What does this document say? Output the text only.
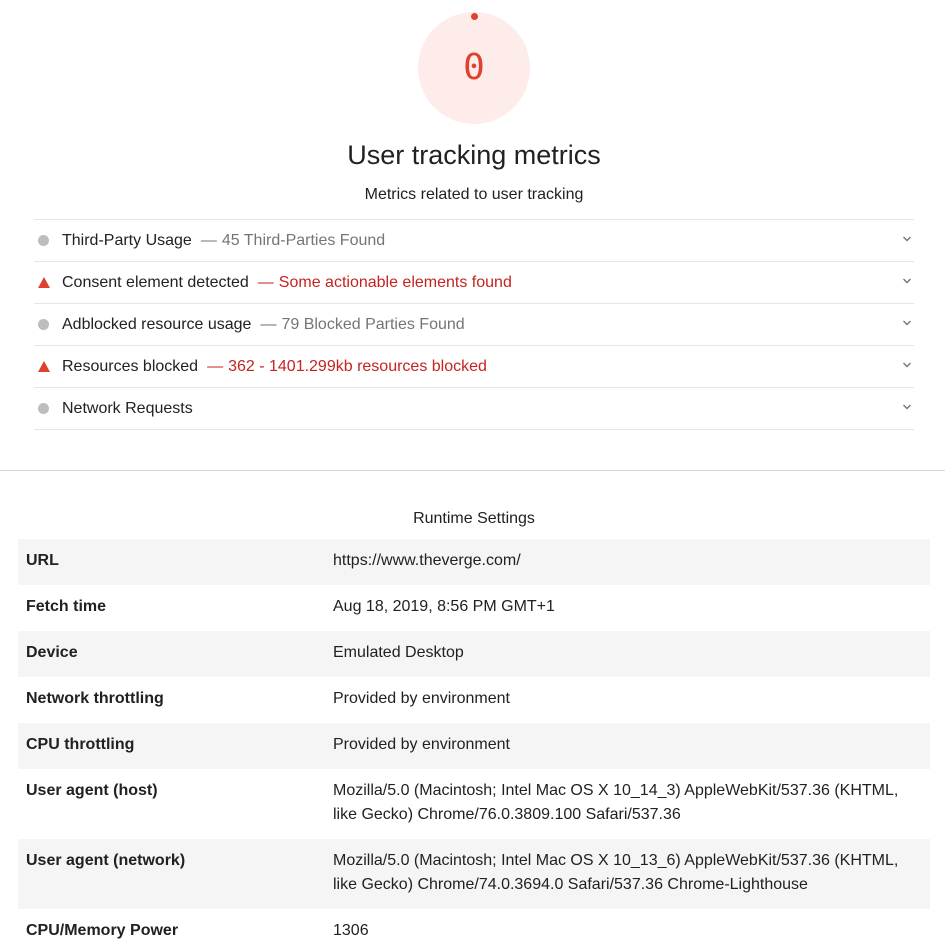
0
User tracking metrics
Metrics related to user tracking
Third-Party Usage — 45 Third-Parties Found
Consent element detected — Some actionable elements found
Adblocked resource usage — 79 Blocked Parties Found
Resources blocked — 362 - 1401.299kb resources blocked
Network Requests
Runtime Settings
URL	https://www.theverge.com/
Fetch time	Aug 18, 2019, 8:56 PM GMT+1
Device	Emulated Desktop
Network throttling	Provided by environment
CPU throttling	Provided by environment
User agent (host)	Mozilla/5.0 (Macintosh; Intel Mac OS X 10_14_3) AppleWebKit/537.36 (KHTML, like Gecko) Chrome/76.0.3809.100 Safari/537.36
User agent (network)	Mozilla/5.0 (Macintosh; Intel Mac OS X 10_13_6) AppleWebKit/537.36 (KHTML, like Gecko) Chrome/74.0.3694.0 Safari/537.36 Chrome-Lighthouse
CPU/Memory Power	1306
